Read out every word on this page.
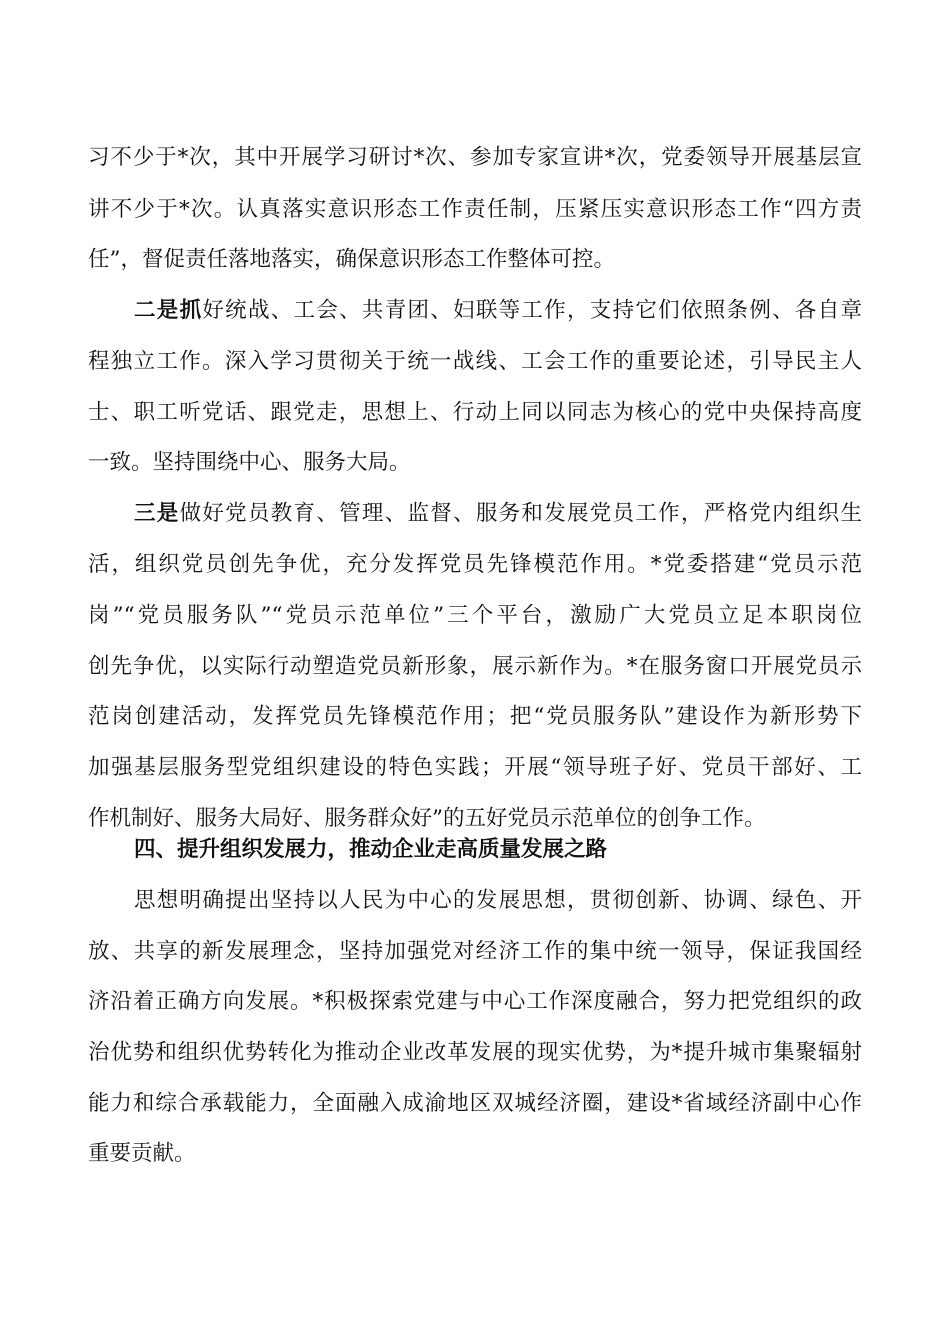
习不少于*次，其中开展学习研讨*次、参加专家宣讲*次，党委领导开展基层宣
讲不少于*次。认真落实意识形态工作责任制，压紧压实意识形态工作“四方责
任”，督促责任落地落实，确保意识形态工作整体可控。
二是抓好统战、工会、共青团、妇联等工作，支持它们依照条例、各自章
程独立工作。深入学习贯彻关于统一战线、工会工作的重要论述，引导民主人
士、职工听党话、跟党走，思想上、行动上同以同志为核心的党中央保持高度
一致。坚持围绕中心、服务大局。
三是做好党员教育、管理、监督、服务和发展党员工作，严格党内组织生
活，组织党员创先争优，充分发挥党员先锋模范作用。*党委搭建“党员示范
岗”“党员服务队”“党员示范单位”三个平台，激励广大党员立足本职岗位
创先争优，以实际行动塑造党员新形象，展示新作为。*在服务窗口开展党员示
范岗创建活动，发挥党员先锋模范作用；把“党员服务队”建设作为新形势下
加强基层服务型党组织建设的特色实践；开展“领导班子好、党员干部好、工
作机制好、服务大局好、服务群众好”的五好党员示范单位的创争工作。
四、提升组织发展力，推动企业走高质量发展之路
思想明确提出坚持以人民为中心的发展思想，贯彻创新、协调、绿色、开
放、共享的新发展理念，坚持加强党对经济工作的集中统一领导，保证我国经
济沿着正确方向发展。*积极探索党建与中心工作深度融合，努力把党组织的政
治优势和组织优势转化为推动企业改革发展的现实优势，为*提升城市集聚辐射
能力和综合承载能力，全面融入成渝地区双城经济圈，建设*省域经济副中心作
重要贡献。
